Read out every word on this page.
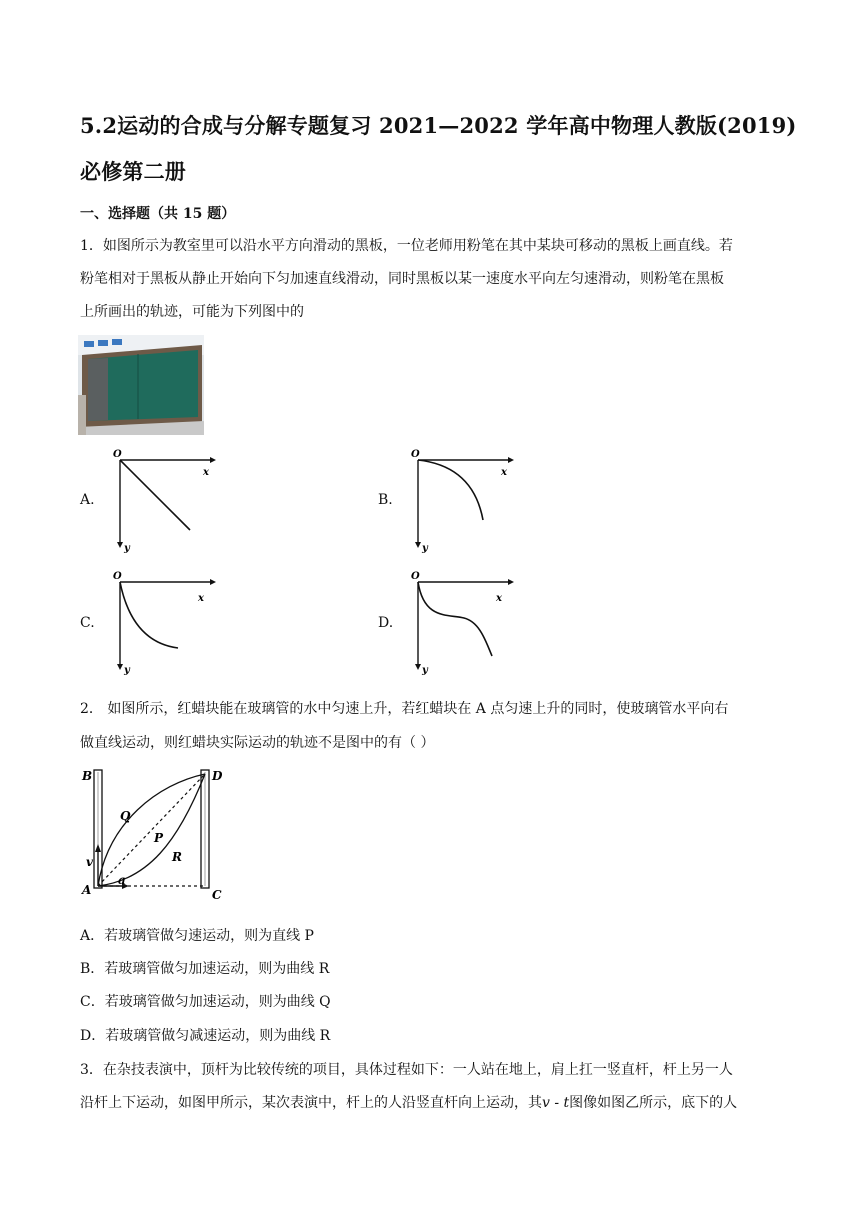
5.2运动的合成与分解专题复习 2021—2022 学年高中物理人教版(2019)
必修第二册
一、选择题（共 15 题）
1．如图所示为教室里可以沿水平方向滑动的黑板，一位老师用粉笔在其中某块可移动的黑板上画直线。若
粉笔相对于黑板从静止开始向下匀加速直线滑动，同时黑板以某一速度水平向左匀速滑动，则粉笔在黑板
上所画出的轨迹，可能为下列图中的
A.
O
x
y
B.
O
x
y
C.
O
x
y
D.
O
x
y
2． 如图所示，红蜡块能在玻璃管的水中匀速上升，若红蜡块在 A 点匀速上升的同时，使玻璃管水平向右
做直线运动，则红蜡块实际运动的轨迹不是图中的有（ ）
B	D
Q
P
R
v
A
a
C
A．若玻璃管做匀速运动，则为直线 P
B．若玻璃管做匀加速运动，则为曲线 R
C．若玻璃管做匀加速运动，则为曲线 Q
D．若玻璃管做匀减速运动，则为曲线 R
3．在杂技表演中，顶杆为比较传统的项目，具体过程如下：一人站在地上，肩上扛一竖直杆，杆上另一人
沿杆上下运动，如图甲所示，某次表演中，杆上的人沿竖直杆向上运动，其v - t图像如图乙所示，底下的人
